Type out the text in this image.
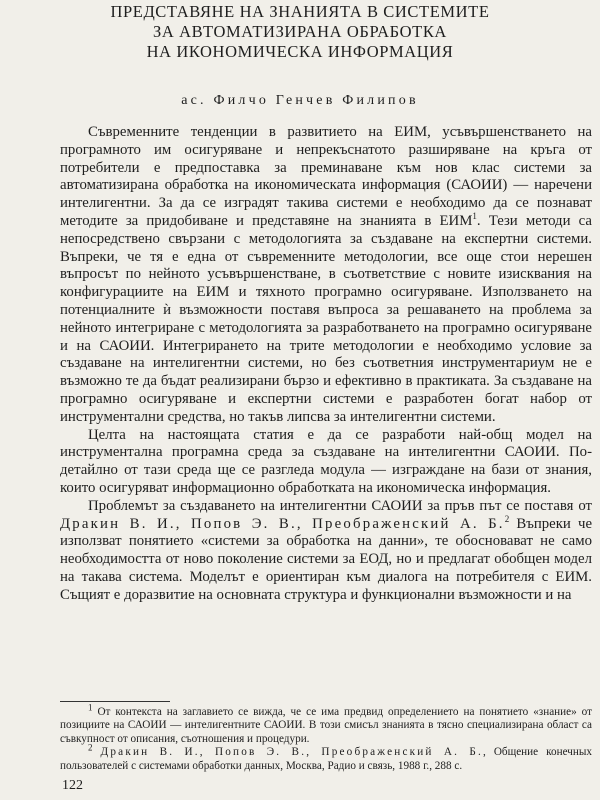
ПРЕДСТАВЯНЕ НА ЗНАНИЯТА В СИСТЕМИТЕ
ЗА АВТОМАТИЗИРАНА ОБРАБОТКА
НА ИКОНОМИЧЕСКА ИНФОРМАЦИЯ

ас. Филчо Генчев Филипов

Съвременните тенденции в развитието на ЕИМ, усъвършенстването на програмното им осигуряване и непрекъснатото разширяване на кръга от потребители е предпоставка за преминаване към нов клас системи за автоматизирана обработка на икономическата информация (САОИИ) — наречени интелигентни. За да се изградят такива системи е необходимо да се познават методите за придобиване и представяне на знанията в ЕИМ$^1$. Тези методи са непосредствено свързани с методологията за създаване на експертни системи. Въпреки, че тя е една от съвременните методологии, все още стои нерешен въпросът по нейното усъвършенстване, в съответствие с новите изисквания на конфигурациите на ЕИМ и тяхното програмно осигуряване. Използването на потенциалните ѝ възможности поставя въпроса за решаването на проблема за нейното интегриране с методологията за разработването на програмно осигуряване и на САОИИ. Интегрирането на трите методологии е необходимо условие за създаване на интелигентни системи, но без съответния инструментариум не е възможно те да бъдат реализирани бързо и ефективно в практиката. За създаване на програмно осигуряване и експертни системи е разработен богат набор от инструментални средства, но такъв липсва за интелигентни системи.

Целта на настоящата статия е да се разработи най-общ модел на инструментална програмна среда за създаване на интелигентни САОИИ. По-детайлно от тази среда ще се разгледа модула — изграждане на бази от знания, които осигуряват информационно обработката на икономическа информация.

Проблемът за създаването на интелигентни САОИИ за пръв път се поставя от Дракин В. И., Попов Э. В., Преображенский А. Б.$^2$ Въпреки че използват понятието «системи за обработка на данни», те обосновават не само необходимостта от ново поколение системи за ЕОД, но и предлагат обобщен модел на такава система. Моделът е ориентиран към диалога на потребителя с ЕИМ. Същият е доразвитие на основната структура и функционални възможности и на

$^1$ От контекста на заглавието се вижда, че се има предвид определението на понятието «знание» от позициите на САОИИ — интелигентните САОИИ. В този смисъл знанията в тясно специализирана област са съвкупност от описания, съотношения и процедури.

$^2$ Дракин В. И., Попов Э. В., Преображенский А. Б., Общение конечных пользователей с системами обработки данных, Москва, Радио и связь, 1988 г., 288 с.

122
